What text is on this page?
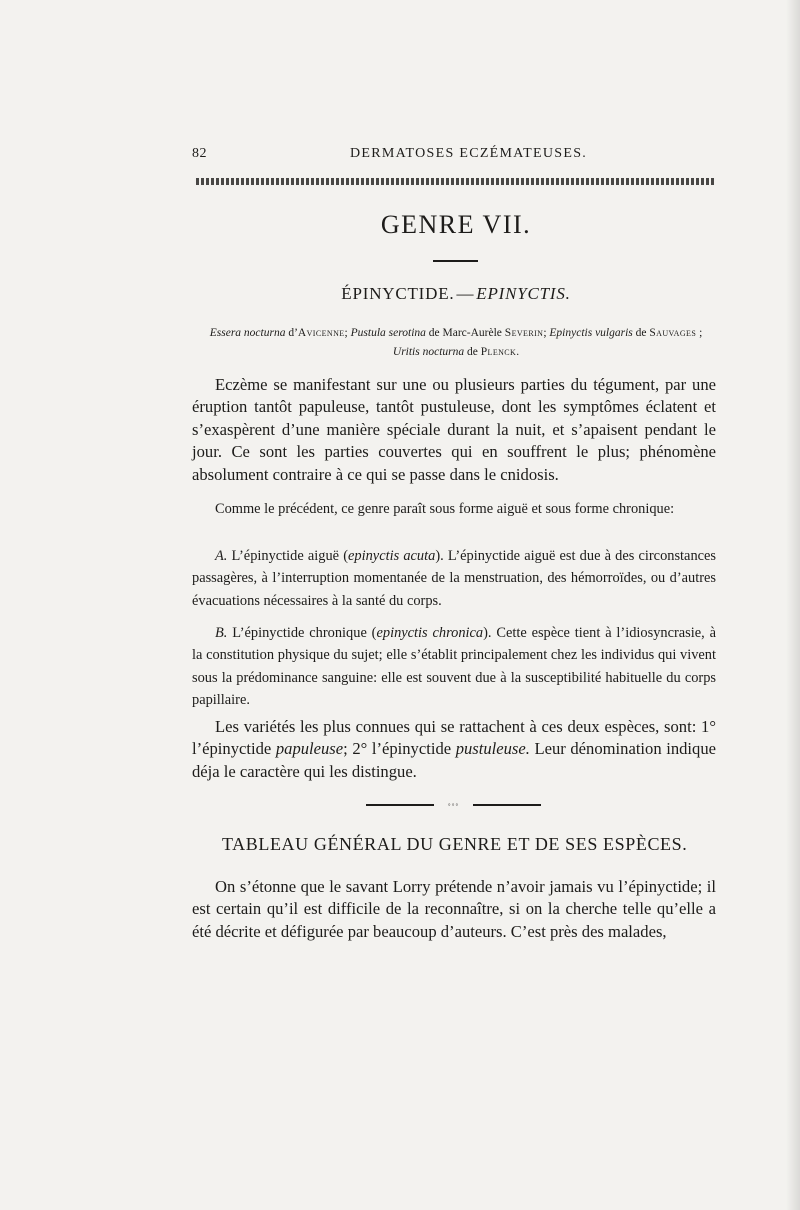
82	DERMATOSES ECZÉMATEUSES.
GENRE VII.
ÉPINYCTIDE. — EPINYCTIS.
Essera nocturna d’Avicenne; Pustula serotina de Marc-Aurèle Severin; Epinyctis vulgaris de Sauvages ;
Uritis nocturna de Plenck.

Eczème se manifestant sur une ou plusieurs parties du tégument, par une éruption tantôt papuleuse, tantôt pustuleuse, dont les symptômes éclatent et s’exaspèrent d’une manière spéciale durant la nuit, et s’apaisent pendant le jour. Ce sont les parties couvertes qui en souffrent le plus; phénomène absolument contraire à ce qui se passe dans le cnidosis.

Comme le précédent, ce genre paraît sous forme aiguë et sous forme chronique:

A. L’épinyctide aiguë (epinyctis acuta). L’épinyctide aiguë est due à des circonstances passagères, à l’interruption momentanée de la menstruation, des hémorroïdes, ou d’autres évacuations nécessaires à la santé du corps.

B. L’épinyctide chronique (epinyctis chronica). Cette espèce tient à l’idiosyncrasie, à la constitution physique du sujet; elle s’établit principalement chez les individus qui vivent sous la prédominance sanguine: elle est souvent due à la susceptibilité habituelle du corps papillaire.

Les variétés les plus connues qui se rattachent à ces deux espèces, sont: 1° l’épinyctide papuleuse; 2° l’épinyctide pustuleuse. Leur dénomination indique déja le caractère qui les distingue.

◦◦◦
TABLEAU GÉNÉRAL DU GENRE ET DE SES ESPÈCES.

On s’étonne que le savant Lorry prétende n’avoir jamais vu l’épinyctide; il est certain qu’il est difficile de la reconnaître, si on la cherche telle qu’elle a été décrite et défigurée par beaucoup d’auteurs. C’est près des malades,
